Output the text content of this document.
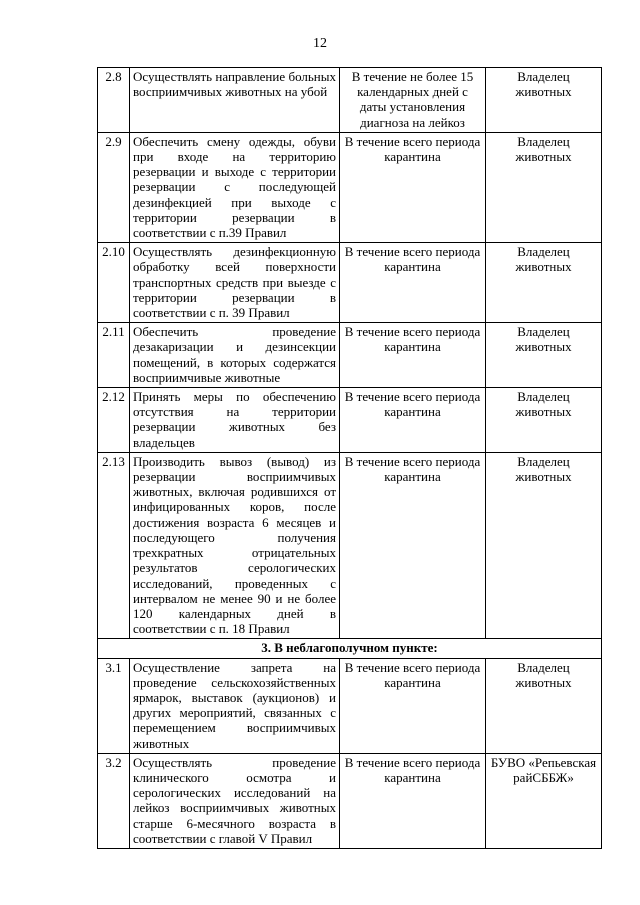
12
2.8	Осуществлять направление больных восприимчивых животных на убой	В течение не более 15 календарных дней с даты установления диагноза на лейкоз	Владелец животных
2.9	Обеспечить смену одежды, обуви при входе на территорию резервации и выходе с территории резервации с последующей дезинфекцией при выходе с территории резервации в соответствии с п.39 Правил	В течение всего периода карантина	Владелец животных
2.10	Осуществлять дезинфекционную обработку всей поверхности транспортных средств при выезде с территории резервации в соответствии с п. 39 Правил	В течение всего периода карантина	Владелец животных
2.11	Обеспечить проведение дезакаризации и дезинсекции помещений, в которых содержатся восприимчивые животные	В течение всего периода карантина	Владелец животных
2.12	Принять меры по обеспечению отсутствия на территории резервации животных без владельцев	В течение всего периода карантина	Владелец животных
2.13	Производить вывоз (вывод) из резервации восприимчивых животных, включая родившихся от инфицированных коров, после достижения возраста 6 месяцев и последующего получения трехкратных отрицательных результатов серологических исследований, проведенных с интервалом не менее 90 и не более 120 календарных дней в соответствии с п. 18 Правил	В течение всего периода карантина	Владелец животных
3. В неблагополучном пункте:			
3.1	Осуществление запрета на проведение сельскохозяйственных ярмарок, выставок (аукционов) и других мероприятий, связанных с перемещением восприимчивых животных	В течение всего периода карантина	Владелец животных
3.2	Осуществлять проведение клинического осмотра и серологических исследований на лейкоз восприимчивых животных старше 6-месячного возраста в соответствии с главой V Правил	В течение всего периода карантина	БУВО «Репьевская райСББЖ»
